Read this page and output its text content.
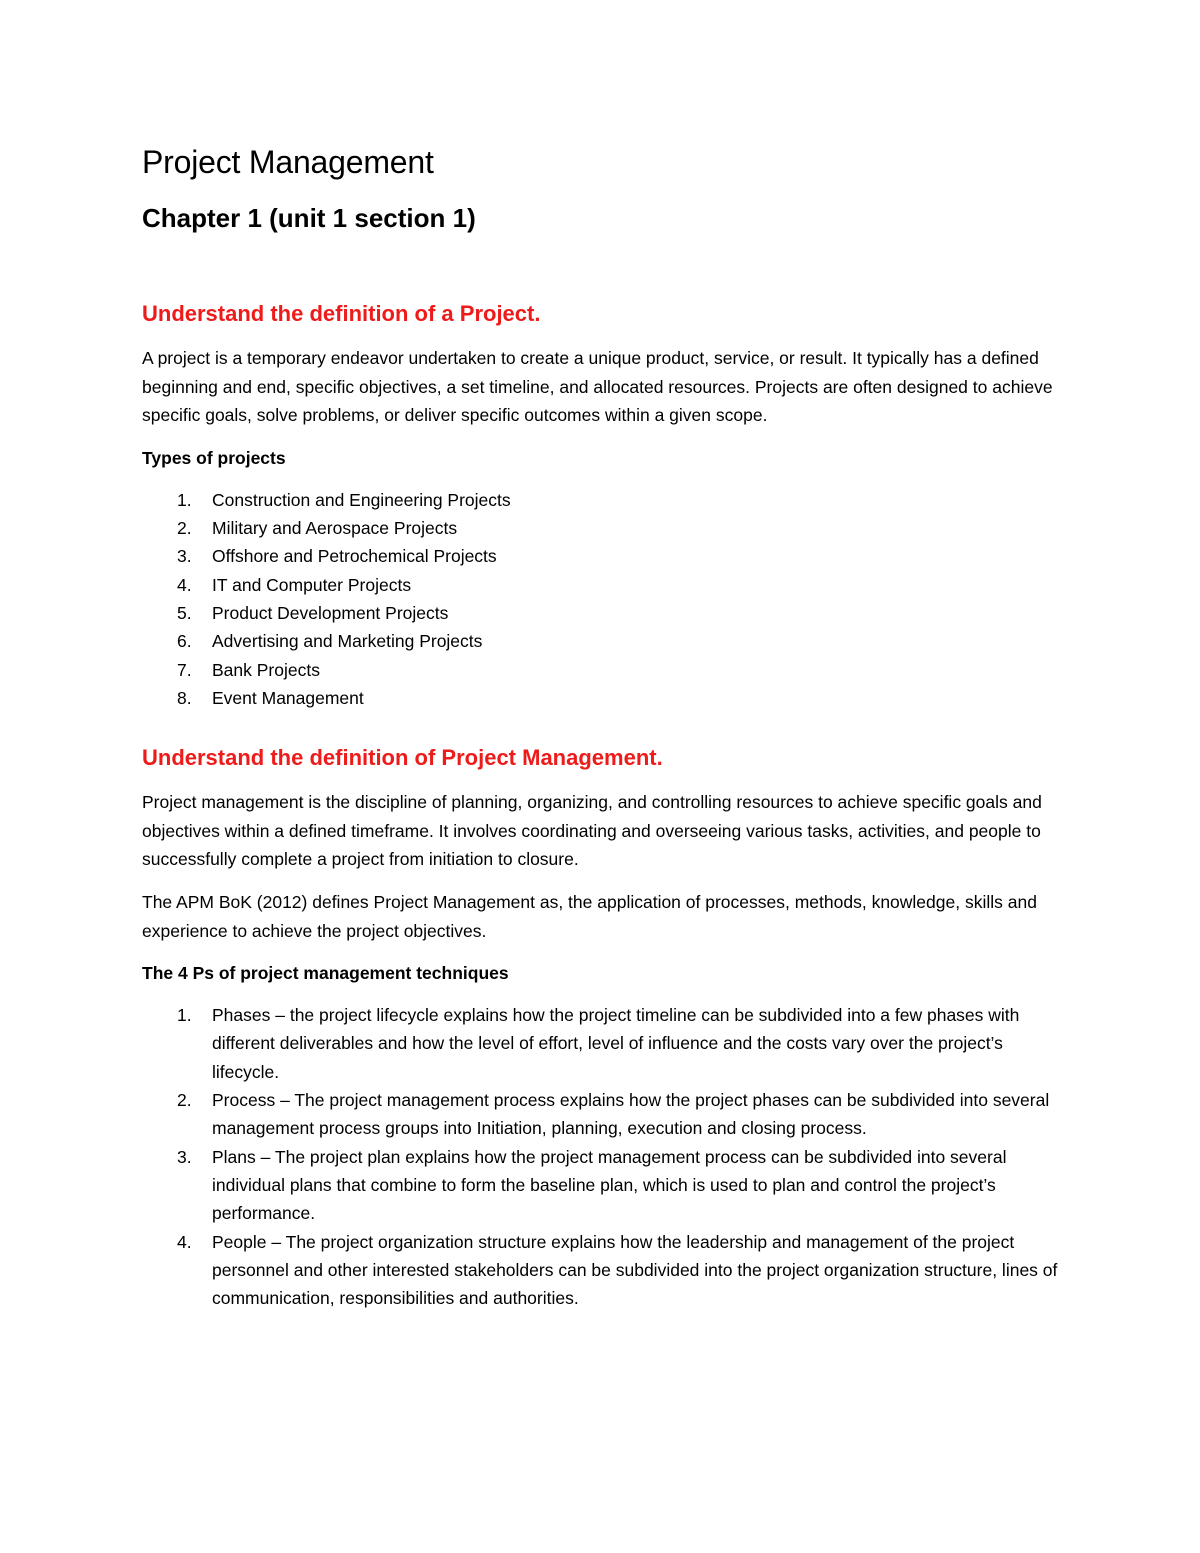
Project Management
Chapter 1 (unit 1 section 1)
Understand the definition of a Project.

A project is a temporary endeavor undertaken to create a unique product, service, or result. It typically has a defined beginning and end, specific objectives, a set timeline, and allocated resources. Projects are often designed to achieve specific goals, solve problems, or deliver specific outcomes within a given scope.

Types of projects

1. Construction and Engineering Projects
2. Military and Aerospace Projects
3. Offshore and Petrochemical Projects
4. IT and Computer Projects
5. Product Development Projects
6. Advertising and Marketing Projects
7. Bank Projects
8. Event Management
Understand the definition of Project Management.

Project management is the discipline of planning, organizing, and controlling resources to achieve specific goals and objectives within a defined timeframe. It involves coordinating and overseeing various tasks, activities, and people to successfully complete a project from initiation to closure.

The APM BoK (2012) defines Project Management as, the application of processes, methods, knowledge, skills and experience to achieve the project objectives.

The 4 Ps of project management techniques

1. Phases – the project lifecycle explains how the project timeline can be subdivided into a few phases with different deliverables and how the level of effort, level of influence and the costs vary over the project’s lifecycle.
2. Process – The project management process explains how the project phases can be subdivided into several management process groups into Initiation, planning, execution and closing process.
3. Plans – The project plan explains how the project management process can be subdivided into several individual plans that combine to form the baseline plan, which is used to plan and control the project’s performance.
4. People – The project organization structure explains how the leadership and management of the project personnel and other interested stakeholders can be subdivided into the project organization structure, lines of communication, responsibilities and authorities.
